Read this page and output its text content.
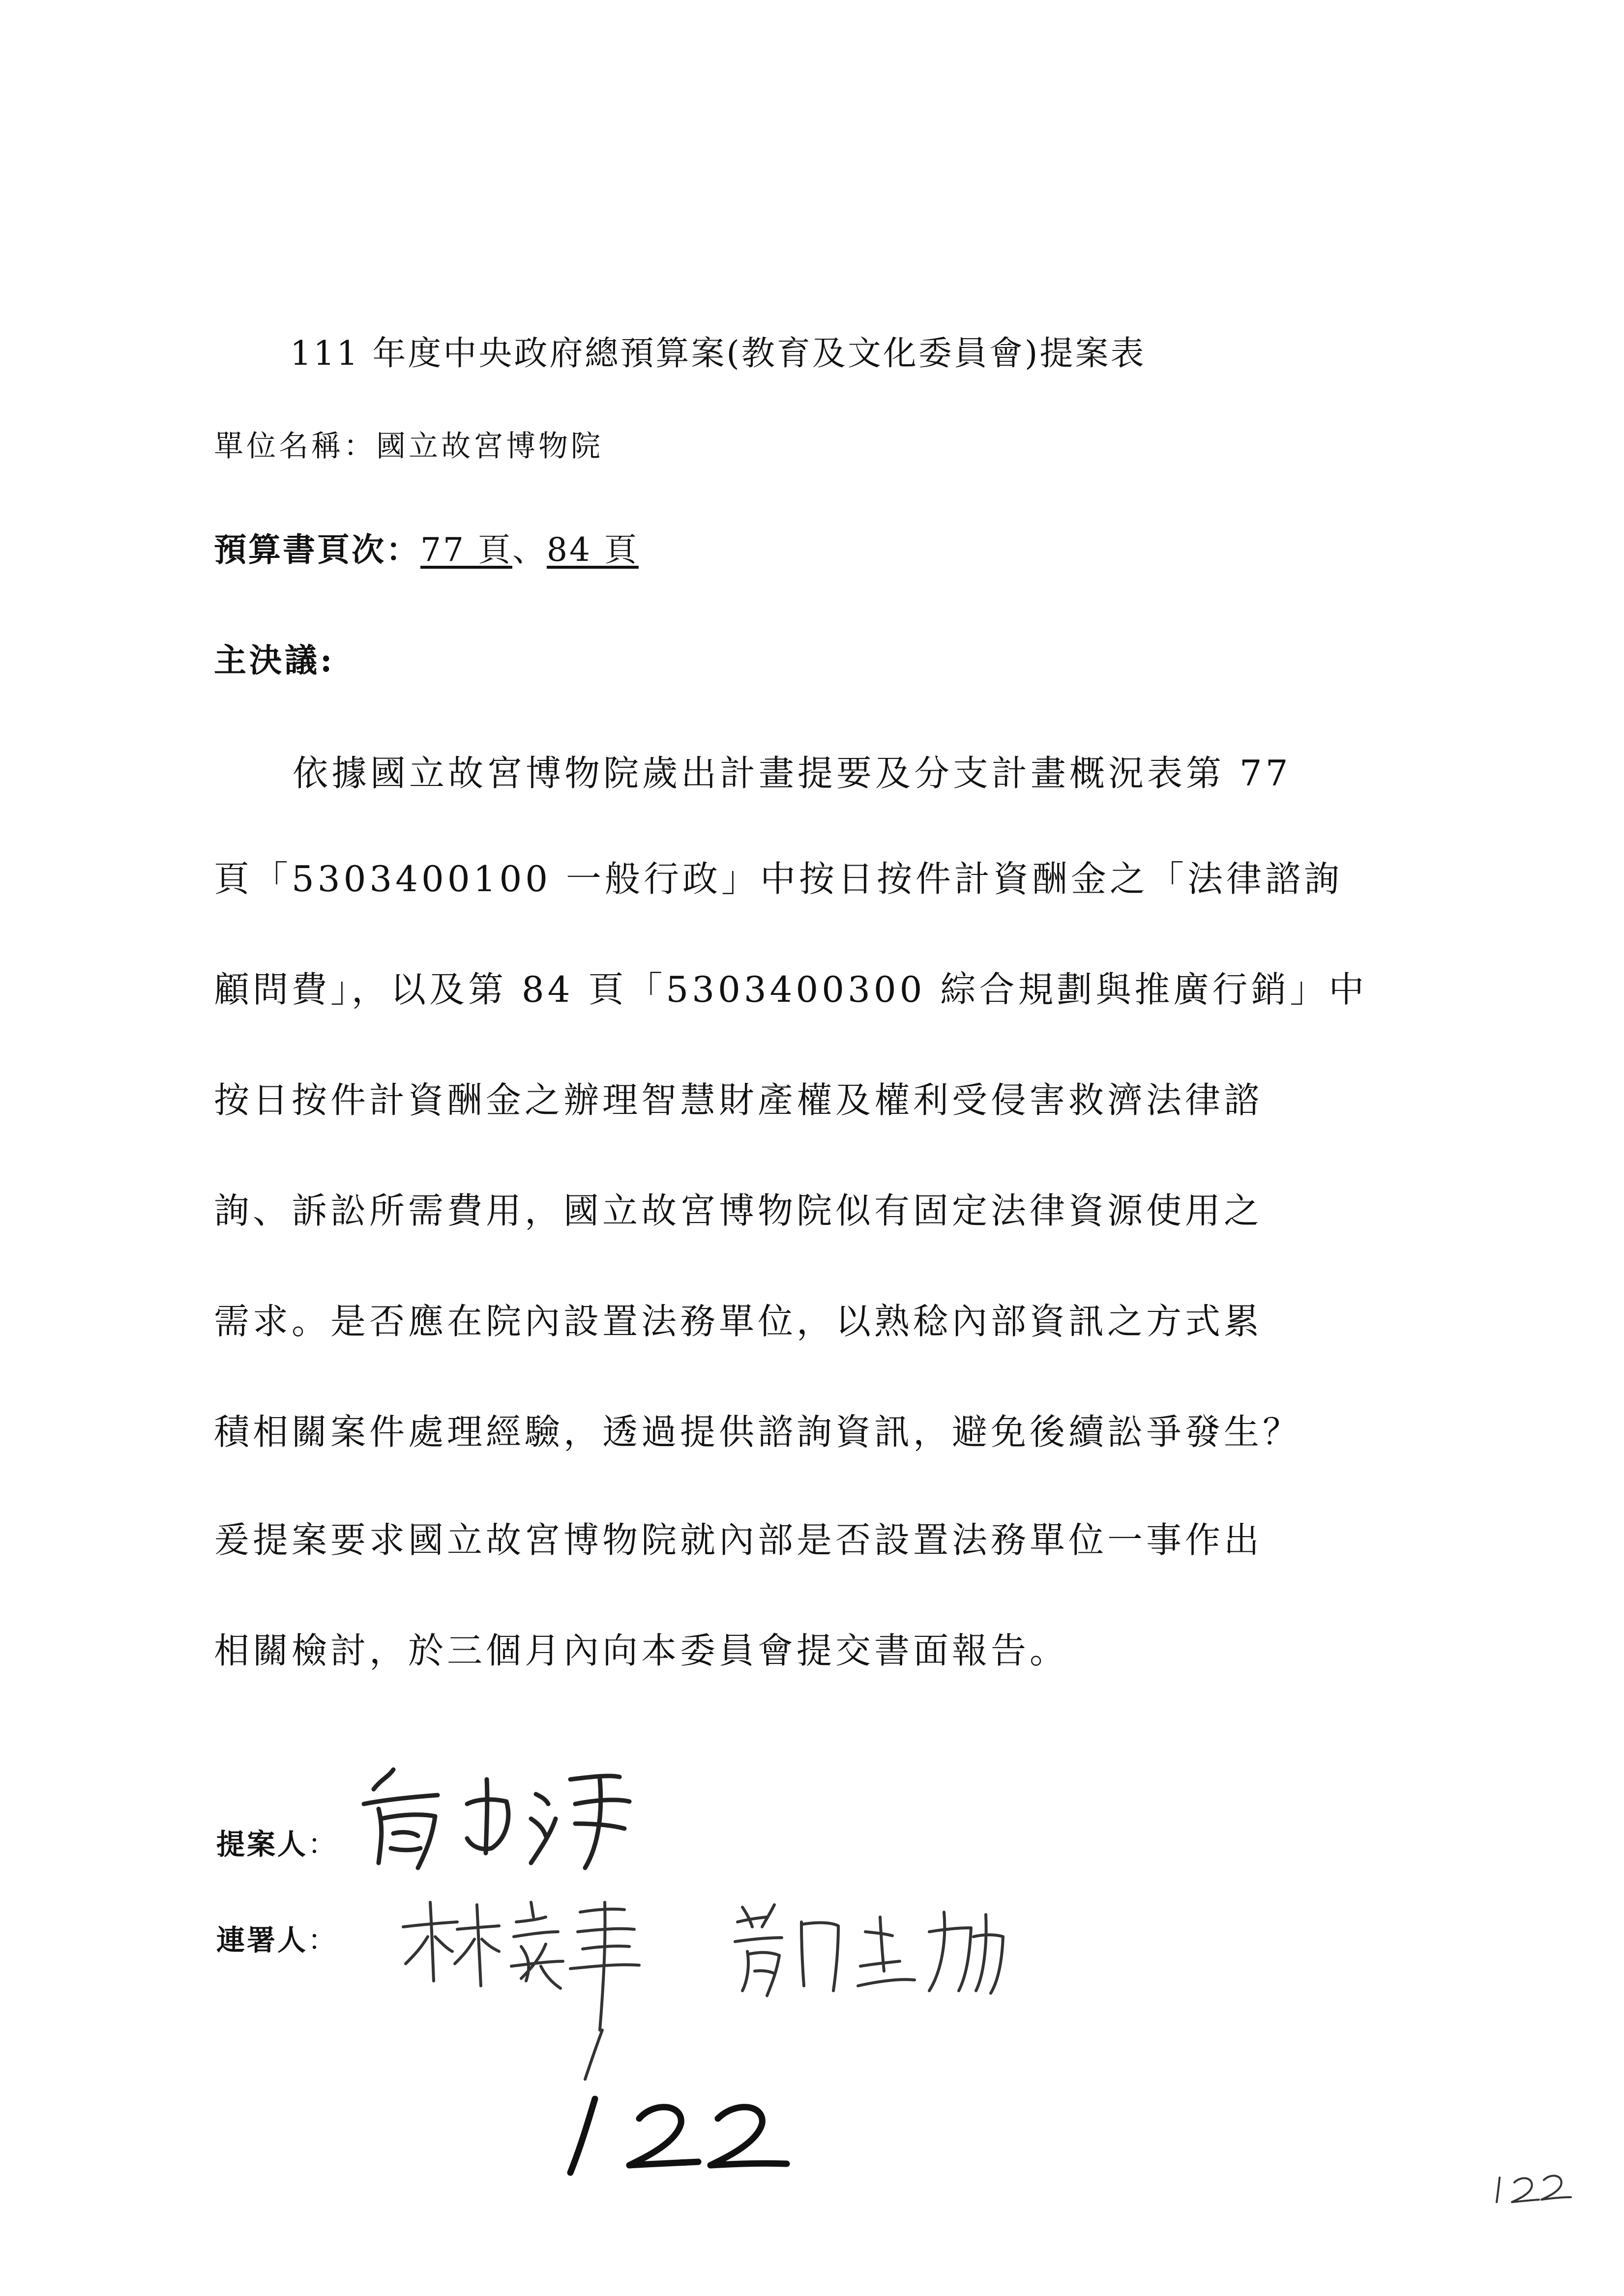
111 年度中央政府總預算案(教育及文化委員會)提案表
單位名稱：國立故宮博物院
預算書頁次：77 頁、84 頁
主決議:
依據國立故宮博物院歲出計畫提要及分支計畫概況表第 77
頁「5303400100 一般行政」中按日按件計資酬金之「法律諮詢
顧問費」，以及第 84 頁「5303400300 綜合規劃與推廣行銷」中
按日按件計資酬金之辦理智慧財產權及權利受侵害救濟法律諮
詢、訴訟所需費用，國立故宮博物院似有固定法律資源使用之
需求。是否應在院內設置法務單位，以熟稔內部資訊之方式累
積相關案件處理經驗，透過提供諮詢資訊，避免後續訟爭發生？
爰提案要求國立故宮博物院就內部是否設置法務單位一事作出
相關檢討，於三個月內向本委員會提交書面報告。
提案人：
連署人：
